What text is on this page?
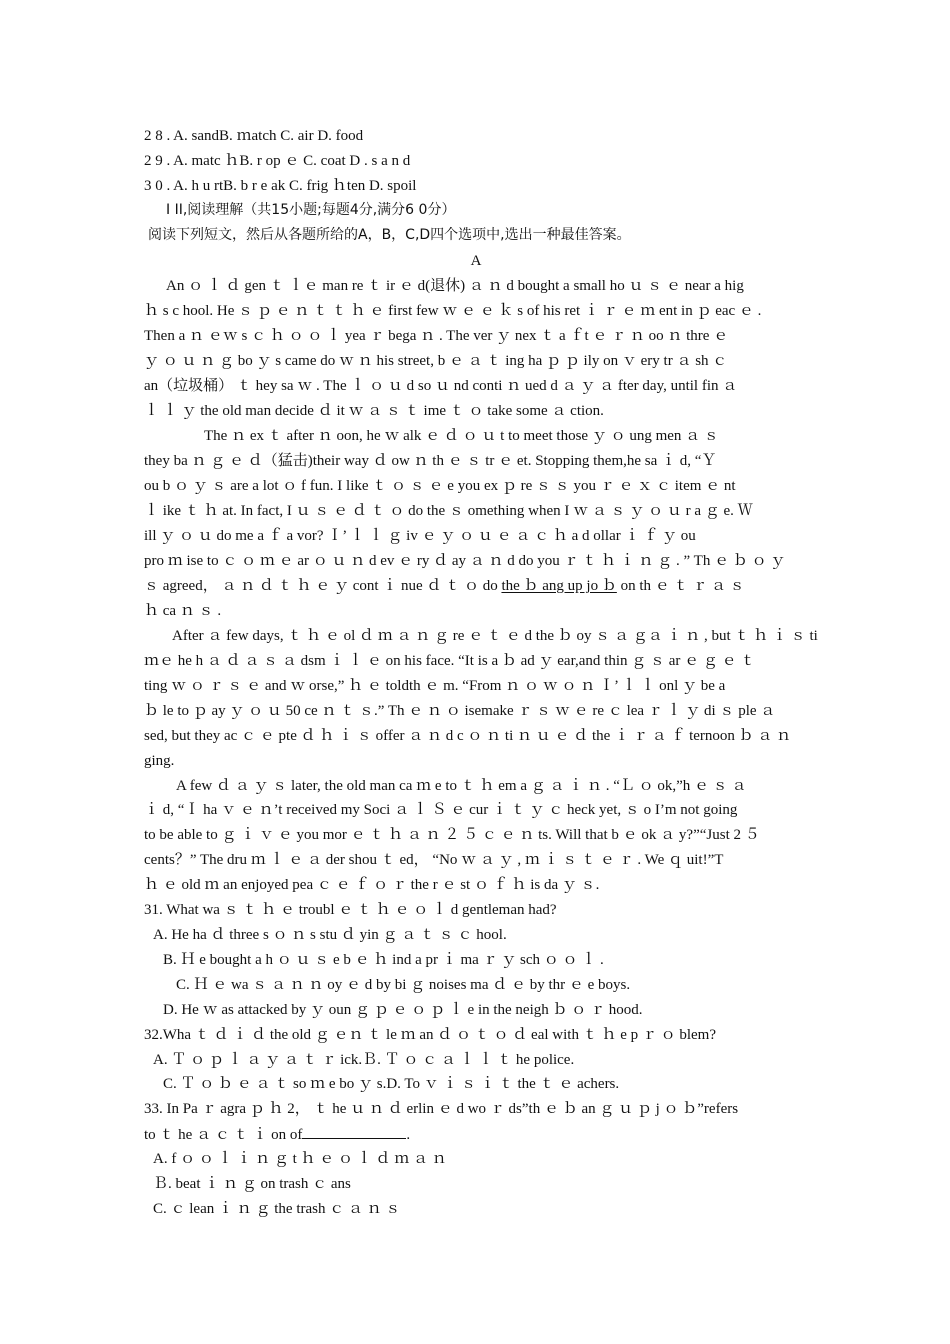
2 8 . A. sandB. ｍatch C. air D. food
2 9 . A. matc ｈB. r op ｅ C. coat D . s a n d
3 0 . A. h u rtB. b r e ak C. frig ｈten D. spoil
I II,阅读理解（共15小题;每题4分,满分6 0分）
阅读下列短文，然后从各题所给的A，B，C,D四个选项中,选出一种最佳答案。
A
An ｏ ｌ ｄ gen ｔ ｌｅ man re ｔ ir ｅ d(退休) ａ ｎ d bought a small ho ｕ ｓ ｅ near a hig
ｈ s c hool. He ｓ ｐ ｅ ｎ ｔ ｔ ｈ ｅ first few ｗ ｅ ｅ ｋ s of his ret ｉ ｒ ｅ ｍ ent in ｐ eac ｅ .
Then a ｎ ｅｗ s ｃ ｈ ｏ ｏ ｌ yea ｒ bega ｎ . The ver ｙ nex ｔ a ｆt ｅ ｒ ｎ oo ｎ thre ｅ
ｙ ｏ ｕ ｎ ｇ bo ｙ s came do ｗ ｎ his street, b ｅ ａ ｔ ing ha ｐ ｐ ily on ｖ ery tr ａ sh ｃ
an（垃圾桶） ｔ hey sa ｗ . The ｌ ｏ ｕ d so ｕ nd conti ｎ ued d ａ ｙ ａ fter day, until fin ａ
ｌ ｌ ｙ the old man decide ｄ it ｗ ａ ｓ ｔ ime ｔ ｏ take some ａ ction.
The ｎ ex ｔ after ｎ oon, he ｗ alk ｅ ｄ ｏ ｕ t to meet those ｙ ｏ ung men ａ ｓ
they ba ｎ ｇ ｅ ｄ（猛击)their way ｄ ow ｎ th ｅ ｓ tr ｅ et. Stopping them,he sa ｉ d, “Ｙ
ou b ｏ ｙ ｓ are a lot ｏ f fun. I like ｔ ｏ ｓ ｅ e you ex ｐ re ｓ ｓ you ｒ ｅ ｘ ｃ item ｅ nt
ｌ ike ｔ ｈ at. In fact, I ｕ ｓ ｅ ｄ ｔ ｏ do the ｓ omething when I ｗ ａ ｓ ｙ ｏ ｕ r a ｇ e. Ｗ
ill ｙ ｏ ｕ do me a ｆ a vor? Ｉ’ ｌ ｌ ｇ iv ｅ ｙ ｏ ｕ ｅ ａ ｃ ｈ a d ollar ｉ ｆ ｙ ou
pro ｍ ise to ｃ ｏ ｍ ｅ ar ｏ ｕ ｎ d ev ｅ ry ｄ ay ａ ｎ d do you ｒ ｔ ｈ ｉ ｎ ｇ . ” Th ｅ ｂ ｏ ｙ
ｓ agreed， ａ ｎ ｄ ｔ ｈ ｅ ｙ cont ｉ nue ｄ ｔ ｏ do the ｂ ang up jo ｂ on th ｅ ｔ ｒ ａ ｓ
ｈ ca ｎ ｓ .
After ａ few days, ｔ ｈ ｅ ol ｄ ｍ ａ ｎ ｇ re ｅ ｔ ｅ d the ｂ oy ｓ ａ ｇａ ｉ ｎ , but ｔ ｈ ｉ ｓ ti
ｍｅ he h ａ ｄ ａ ｓ ａ dsm ｉ ｌ ｅ on his face. “It is a ｂ ad ｙ ear,and thin ｇ ｓ ar ｅ ｇ ｅ ｔ
ting ｗ ｏ ｒ ｓ ｅ and ｗ orse,” ｈ ｅ toldth ｅ m. “From ｎ ｏ ｗ ｏ ｎ Ｉ’ ｌ ｌ onl ｙ be a
ｂ le to ｐ ay ｙ ｏ ｕ 50 ce ｎ ｔ ｓ.” Th ｅ ｎ ｏ isemake ｒ ｓ ｗ ｅ re ｃ lea ｒ ｌ ｙ di ｓ ple ａ
sed, but they ac ｃ ｅ pte ｄ ｈ ｉ ｓ offer ａ ｎ d c ｏ ｎ ti ｎ ｕ ｅ ｄ the ｉ ｒ ａ ｆ ternoon ｂ ａ ｎ
ging.
A few ｄ ａ ｙ ｓ later, the old man ca ｍ e to ｔ ｈ em a ｇ ａ ｉ ｎ . “Ｌ ｏ ok,”h ｅ ｓ ａ
ｉ d, “Ｉ ha ｖ ｅ ｎ’t received my Soci ａ ｌ Ｓ ｅ cur ｉ ｔ ｙ ｃ heck yet, ｓ o I’m not going
to be able to ｇ ｉ ｖ ｅ you mor ｅ ｔ ｈ ａ ｎ ２ ５ ｃ ｅ ｎ ts. Will that b ｅ ok ａ y?”“Just 2 ５
cents？” The dru ｍ ｌ ｅ ａ der shou ｔ ed， “No ｗ ａ ｙ , ｍ ｉ ｓ ｔ ｅ ｒ . We ｑ uit!”T
ｈ ｅ old ｍ an enjoyed pea ｃ ｅ ｆ ｏ ｒ the r ｅ st ｏ ｆ ｈ is da ｙ ｓ.
31. What wa ｓ ｔ ｈ ｅ troubl ｅ ｔ ｈ ｅ ｏ ｌ d gentleman had?
A. He ha ｄ three s ｏ ｎ s stu ｄ yin ｇ ａ ｔ ｓ ｃ hool.
B. Ｈ e bought a h ｏ ｕ ｓ e b ｅ ｈ ind a pr ｉ ma ｒ ｙ sch ｏ ｏ ｌ .
C. Ｈ ｅ wa ｓ ａ ｎ ｎ oy ｅ d by bi ｇ noises ma ｄ ｅ by thr ｅ e boys.
D. He ｗ as attacked by ｙ oun ｇ ｐ ｅ ｏ ｐ ｌ e in the neigh ｂ ｏ ｒ hood.
32.Wha ｔ ｄ ｉ ｄ the old ｇ ｅｎ ｔ le ｍ an ｄ ｏ ｔ ｏ ｄ eal with ｔ ｈ e p ｒ ｏ blem?
A. Ｔ ｏ ｐ ｌ ａ ｙ ａ ｔ ｒ ick.Ｂ. Ｔ ｏ ｃ ａ ｌ ｌ ｔ he police.
C. Ｔ ｏ ｂ ｅ ａ ｔ so ｍ e bo ｙ s.D. To ｖ ｉ ｓ ｉ ｔ the ｔ ｅ achers.
33. In Pa ｒ agra ｐ ｈ 2， ｔ he ｕ ｎ ｄ erlin ｅ d wo ｒ ds”th ｅ ｂ an ｇ ｕ ｐ j ｏ ｂ”refers
to ｔ he ａ ｃ ｔ ｉ on of	.
A. f ｏ ｏ ｌ ｉ ｎ ｇ t ｈ ｅ ｏ ｌ ｄ ｍ ａ ｎ
Ｂ. beat ｉ ｎ ｇ on trash ｃ ans
C. ｃ lean ｉ ｎ ｇ the trash ｃ ａ ｎ ｓ
